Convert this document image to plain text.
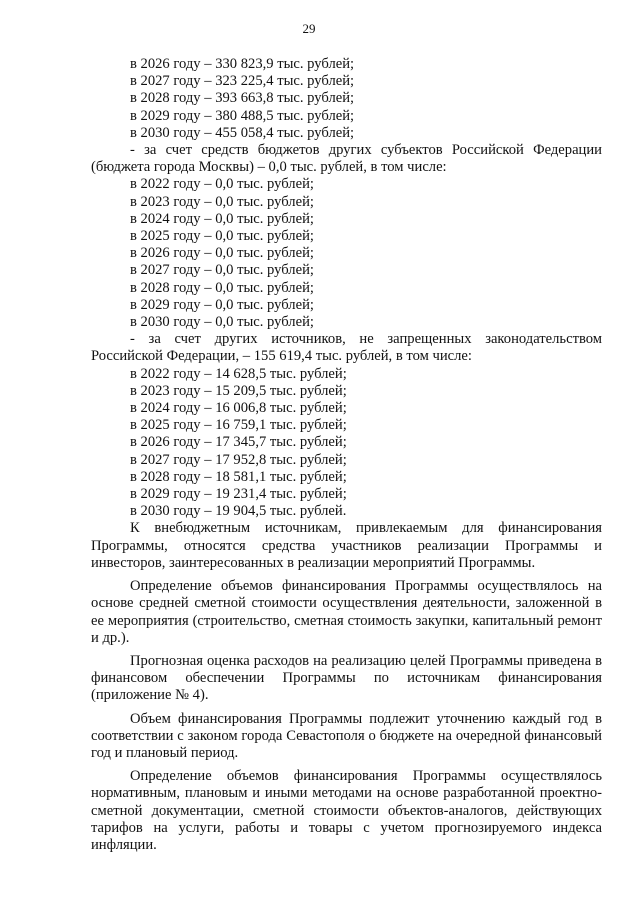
29
в 2026 году – 330 823,9 тыс. рублей;
в 2027 году – 323 225,4 тыс. рублей;
в 2028 году – 393 663,8 тыс. рублей;
в 2029 году – 380 488,5 тыс. рублей;
в 2030 году – 455 058,4 тыс. рублей;
- за счет средств бюджетов других субъектов Российской Федерации (бюджета города Москвы) – 0,0 тыс. рублей, в том числе:
в 2022 году – 0,0 тыс. рублей;
в 2023 году – 0,0 тыс. рублей;
в 2024 году – 0,0 тыс. рублей;
в 2025 году – 0,0 тыс. рублей;
в 2026 году – 0,0 тыс. рублей;
в 2027 году – 0,0 тыс. рублей;
в 2028 году – 0,0 тыс. рублей;
в 2029 году – 0,0 тыс. рублей;
в 2030 году – 0,0 тыс. рублей;
- за счет других источников, не запрещенных законодательством Российской Федерации, – 155 619,4 тыс. рублей, в том числе:
в 2022 году – 14 628,5 тыс. рублей;
в 2023 году – 15 209,5 тыс. рублей;
в 2024 году – 16 006,8 тыс. рублей;
в 2025 году – 16 759,1 тыс. рублей;
в 2026 году – 17 345,7 тыс. рублей;
в 2027 году – 17 952,8 тыс. рублей;
в 2028 году – 18 581,1 тыс. рублей;
в 2029 году – 19 231,4 тыс. рублей;
в 2030 году – 19 904,5 тыс. рублей.
К внебюджетным источникам, привлекаемым для финансирования Программы, относятся средства участников реализации Программы и инвесторов, заинтересованных в реализации мероприятий Программы.
Определение объемов финансирования Программы осуществлялось на основе средней сметной стоимости осуществления деятельности, заложенной в ее мероприятия (строительство, сметная стоимость закупки, капитальный ремонт и др.).
Прогнозная оценка расходов на реализацию целей Программы приведена в финансовом обеспечении Программы по источникам финансирования (приложение № 4).
Объем финансирования Программы подлежит уточнению каждый год в соответствии с законом города Севастополя о бюджете на очередной финансовый год и плановый период.
Определение объемов финансирования Программы осуществлялось нормативным, плановым и иными методами на основе разработанной проектно-сметной документации, сметной стоимости объектов-аналогов, действующих тарифов на услуги, работы и товары с учетом прогнозируемого индекса инфляции.
